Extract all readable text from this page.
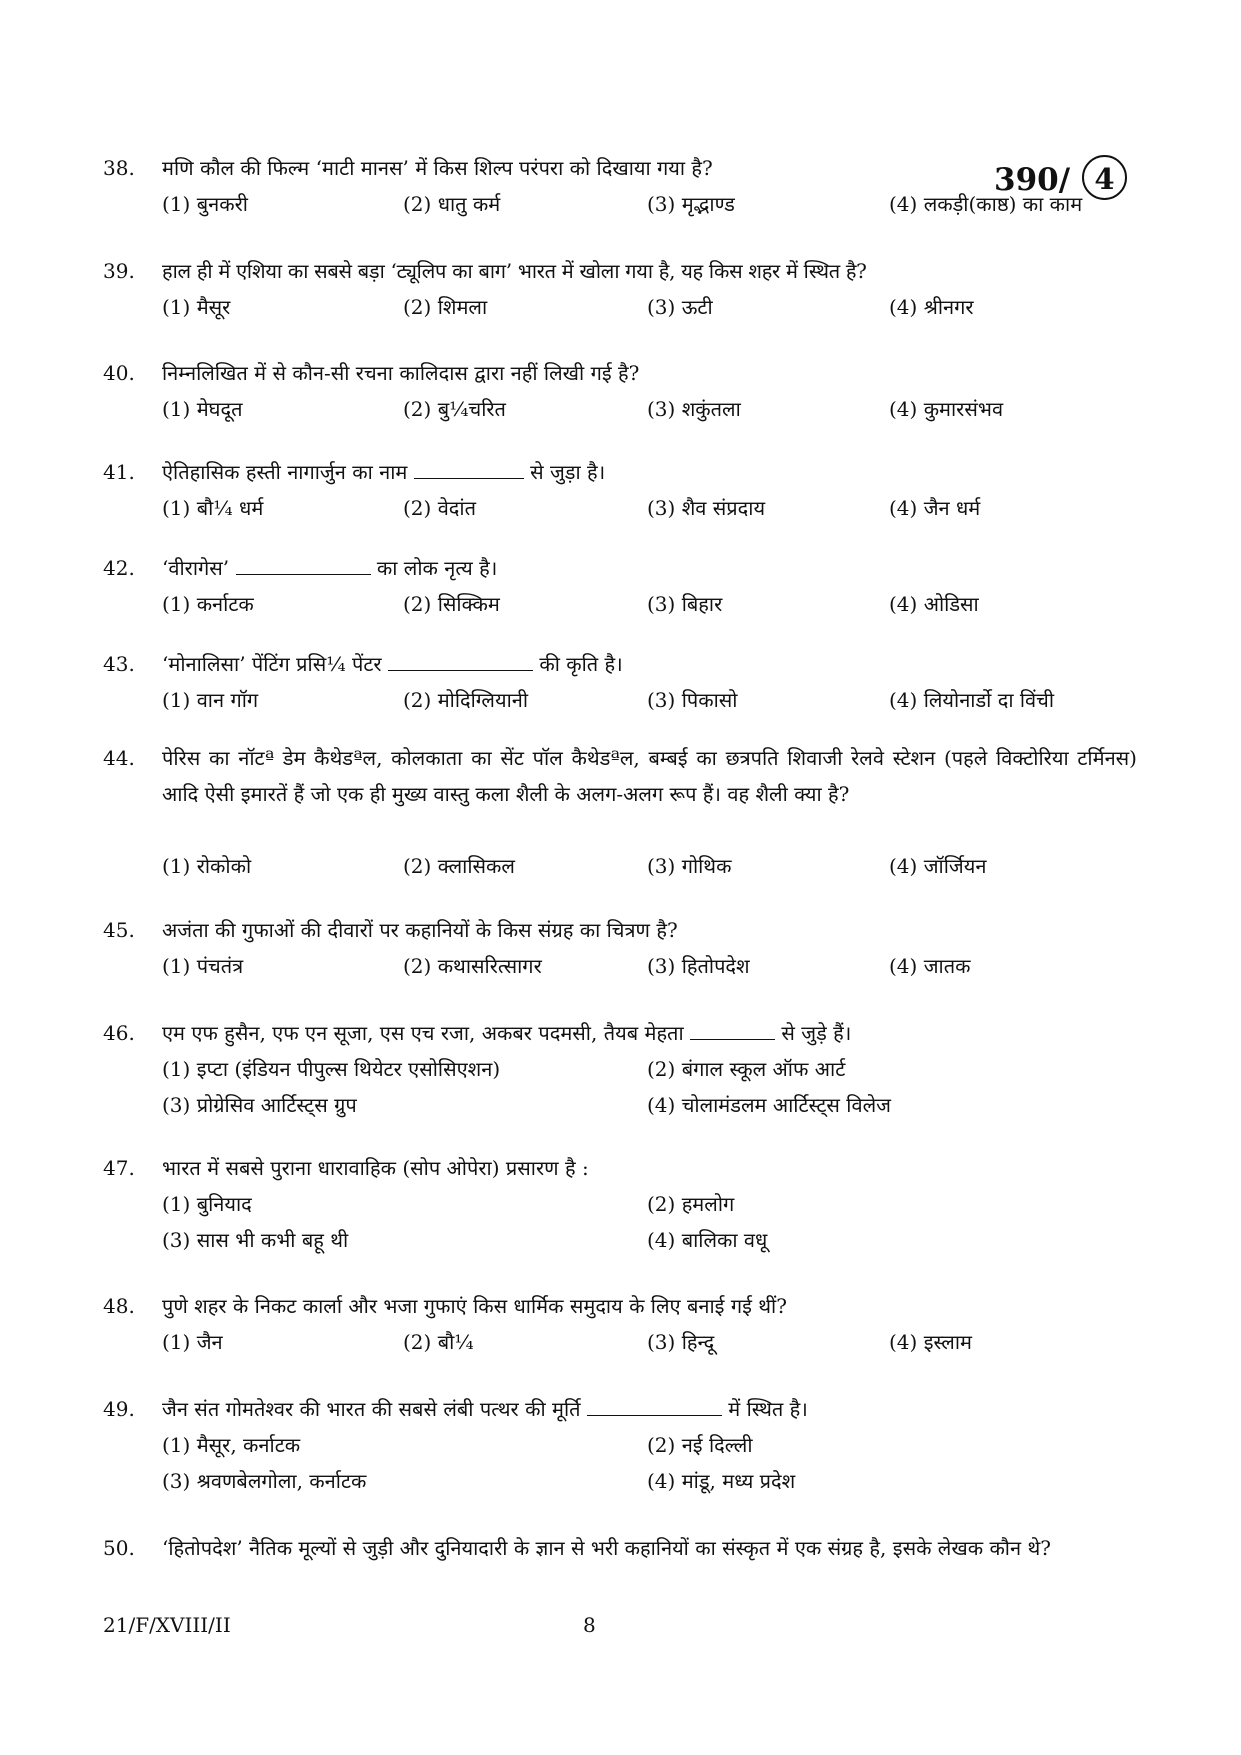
390/ 4
38. मणि कौल की फिल्म ‘माटी मानस’ में किस शिल्प परंपरा को दिखाया गया है?
(1) बुनकरी	(2) धातु कर्म	(3) मृद्भाण्ड	(4) लकड़ी(काष्ठ) का काम
39. हाल ही में एशिया का सबसे बड़ा ‘ट्यूलिप का बाग’ भारत में खोला गया है, यह किस शहर में स्थित है?
(1) मैसूर	(2) शिमला	(3) ऊटी	(4) श्रीनगर
40. निम्नलिखित में से कौन-सी रचना कालिदास द्वारा नहीं लिखी गई है?
(1) मेघदूत	(2) बु¼चरित	(3) शकुंतला	(4) कुमारसंभव
41. ऐतिहासिक हस्ती नागार्जुन का नाम	से जुड़ा है।
(1) बौ¼ धर्म	(2) वेदांत	(3) शैव संप्रदाय	(4) जैन धर्म
42. ‘वीरागेस’	का लोक नृत्य है।
(1) कर्नाटक	(2) सिक्किम	(3) बिहार	(4) ओडिसा
43. ‘मोनालिसा’ पेंटिंग प्रसि¼ पेंटर	की कृति है।
(1) वान गॉग	(2) मोदिग्लियानी	(3) पिकासो	(4) लियोनार्डो दा विंची
44. पेरिस का नॉटª डेम कैथेडªल, कोलकाता का सेंट पॉल कैथेडªल, बम्बई का छत्रपति शिवाजी रेलवे स्टेशन (पहले विक्टोरिया टर्मिनस) आदि ऐसी इमारतें हैं जो एक ही मुख्य वास्तु कला शैली के अलग-अलग रूप हैं। वह शैली क्या है?
(1) रोकोको	(2) क्लासिकल	(3) गोथिक	(4) जॉर्जियन
45. अजंता की गुफाओं की दीवारों पर कहानियों के किस संग्रह का चित्रण है?
(1) पंचतंत्र	(2) कथासरित्सागर	(3) हितोपदेश	(4) जातक
46. एम एफ हुसैन, एफ एन सूजा, एस एच रजा, अकबर पदमसी, तैयब मेहता	से जुड़े हैं।
(1) इप्टा (इंडियन पीपुल्स थियेटर एसोसिएशन)	(2) बंगाल स्कूल ऑफ आर्ट
(3) प्रोग्रेसिव आर्टिस्ट्स ग्रुप	(4) चोलामंडलम आर्टिस्ट्स विलेज
47. भारत में सबसे पुराना धारावाहिक (सोप ओपेरा) प्रसारण है :
(1) बुनियाद	(2) हमलोग
(3) सास भी कभी बहू थी	(4) बालिका वधू
48. पुणे शहर के निकट कार्ला और भजा गुफाएं किस धार्मिक समुदाय के लिए बनाई गई थीं?
(1) जैन	(2) बौ¼	(3) हिन्दू	(4) इस्लाम
49. जैन संत गोमतेश्वर की भारत की सबसे लंबी पत्थर की मूर्ति	में स्थित है।
(1) मैसूर, कर्नाटक	(2) नई दिल्ली
(3) श्रवणबेलगोला, कर्नाटक	(4) मांडू, मध्य प्रदेश
50. ‘हितोपदेश’ नैतिक मूल्यों से जुड़ी और दुनियादारी के ज्ञान से भरी कहानियों का संस्कृत में एक संग्रह है, इसके लेखक कौन थे?
21/F/XVIII/II	8
